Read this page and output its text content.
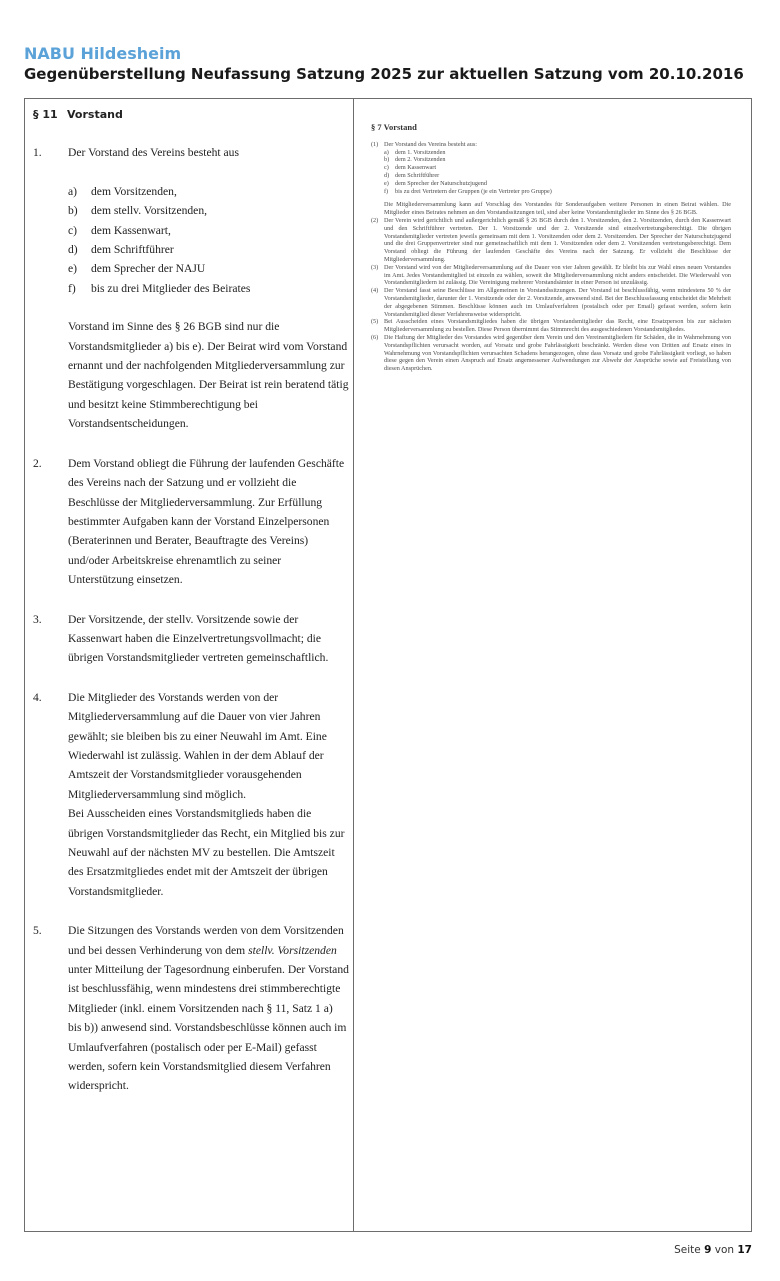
NABU Hildesheim
Gegenüberstellung Neufassung Satzung 2025 zur aktuellen Satzung vom 20.10.2016
§ 11 Vorstand
1. Der Vorstand des Vereins besteht aus
a) dem Vorsitzenden,
b) dem stellv. Vorsitzenden,
c) dem Kassenwart,
d) dem Schriftführer
e) dem Sprecher der NAJU
f) bis zu drei Mitglieder des Beirates
Vorstand im Sinne des § 26 BGB sind nur die Vorstandsmitglieder a) bis e). Der Beirat wird vom Vorstand ernannt und der nachfolgenden Mitgliederversammlung zur Bestätigung vorgeschlagen. Der Beirat ist rein beratend tätig und besitzt keine Stimmberechtigung bei Vorstandsentscheidungen.
2. Dem Vorstand obliegt die Führung der laufenden Geschäfte des Vereins nach der Satzung und er vollzieht die Beschlüsse der Mitgliederversammlung. Zur Erfüllung bestimmter Aufgaben kann der Vorstand Einzelpersonen (Beraterinnen und Berater, Beauftragte des Vereins) und/oder Arbeitskreise ehrenamtlich zu seiner Unterstützung einsetzen.
3. Der Vorsitzende, der stellv. Vorsitzende sowie der Kassenwart haben die Einzelvertretungsvollmacht; die übrigen Vorstandsmitglieder vertreten gemeinschaftlich.
4. Die Mitglieder des Vorstands werden von der Mitgliederversammlung auf die Dauer von vier Jahren gewählt; sie bleiben bis zu einer Neuwahl im Amt. Eine Wiederwahl ist zulässig. Wahlen in der dem Ablauf der Amtszeit der Vorstandsmitglieder vorausgehenden Mitgliederversammlung sind möglich.
Bei Ausscheiden eines Vorstandsmitglieds haben die übrigen Vorstandsmitglieder das Recht, ein Mitglied bis zur Neuwahl auf der nächsten MV zu bestellen. Die Amtszeit des Ersatzmitgliedes endet mit der Amtszeit der übrigen Vorstandsmitglieder.
5. Die Sitzungen des Vorstands werden von dem Vorsitzenden und bei dessen Verhinderung von dem stellv. Vorsitzenden unter Mitteilung der Tagesordnung einberufen. Der Vorstand ist beschlussfähig, wenn mindestens drei stimmberechtigte Mitglieder (inkl. einem Vorsitzenden nach § 11, Satz 1 a) bis b)) anwesend sind. Vorstandsbeschlüsse können auch im Umlaufverfahren (postalisch oder per E-Mail) gefasst werden, sofern kein Vorstandsmitglied diesem Verfahren widerspricht.
§ 7 Vorstand
(1) Der Vorstand des Vereins besteht aus:
a) dem 1. Vorsitzenden
b) dem 2. Vorsitzenden
c) dem Kassenwart
d) dem Schriftführer
e) dem Sprecher der Naturschutzjugend
f) bis zu drei Vertretern der Gruppen (je ein Vertreter pro Gruppe)
Die Mitgliederversammlung kann auf Vorschlag des Vorstandes für Sonderaufgaben weitere Personen in einen Beirat wählen. Die Mitglieder eines Beirates nehmen an den Vorstandssitzungen teil, sind aber keine Vorstandsmitglieder im Sinne des § 26 BGB.
(2) Der Verein wird gerichtlich und außergerichtlich gemäß § 26 BGB durch den 1. Vorsitzenden, den 2. Vorsitzenden, durch den Kassenwart und den Schriftführer vertreten. Der 1. Vorsitzende und der 2. Vorsitzende sind einzelvertretungsberechtigt. Die übrigen Vorstandsmitglieder vertreten jeweils gemeinsam mit dem 1. Vorsitzenden oder dem 2. Vorsitzenden. Der Sprecher der Naturschutzjugend und die drei Gruppenvertreter sind nur gemeinschaftlich mit dem 1. Vorsitzenden oder dem 2. Vorsitzenden vertretungsberechtigt. Dem Vorstand obliegt die Führung der laufenden Geschäfte des Vereins nach der Satzung. Er vollzieht die Beschlüsse der Mitgliederversammlung.
(3) Der Vorstand wird von der Mitgliederversammlung auf die Dauer von vier Jahren gewählt. Er bleibt bis zur Wahl eines neuen Vorstandes im Amt. Jedes Vorstandsmitglied ist einzeln zu wählen, soweit die Mitgliederversammlung nicht anders entscheidet. Die Wiederwahl von Vorstandsmitgliedern ist zulässig. Die Vereinigung mehrerer Vorstandsämter in einer Person ist unzulässig.
(4) Der Vorstand fasst seine Beschlüsse im Allgemeinen in Vorstandssitzungen. Der Vorstand ist beschlussfähig, wenn mindestens 50 % der Vorstandsmitglieder, darunter der 1. Vorsitzende oder der 2. Vorsitzende, anwesend sind. Bei der Beschlussfassung entscheidet die Mehrheit der abgegebenen Stimmen. Beschlüsse können auch im Umlaufverfahren (postalisch oder per Email) gefasst werden, sofern kein Vorstandsmitglied dieser Verfahrensweise widerspricht.
(5) Bei Ausscheiden eines Vorstandsmitgliedes haben die übrigen Vorstandsmitglieder das Recht, eine Ersatzperson bis zur nächsten Mitgliederversammlung zu bestellen. Diese Person übernimmt das Stimmrecht des ausgeschiedenen Vorstandsmitgliedes.
(6) Die Haftung der Mitglieder des Vorstandes wird gegenüber dem Verein und den Vereinsmitgliedern für Schäden, die in Wahrnehmung von Vorstandspflichten verursacht worden, auf Vorsatz und grobe Fahrlässigkeit beschränkt. Werden diese von Dritten auf Ersatz eines in Wahrnehmung von Vorstandspflichten verursachten Schadens herangezogen, ohne dass Vorsatz und grobe Fahrlässigkeit vorliegt, so haben diese gegen den Verein einen Anspruch auf Ersatz angemessener Aufwendungen zur Abwehr der Ansprüche sowie auf Freistellung von diesen Ansprüchen.
Seite 9 von 17
